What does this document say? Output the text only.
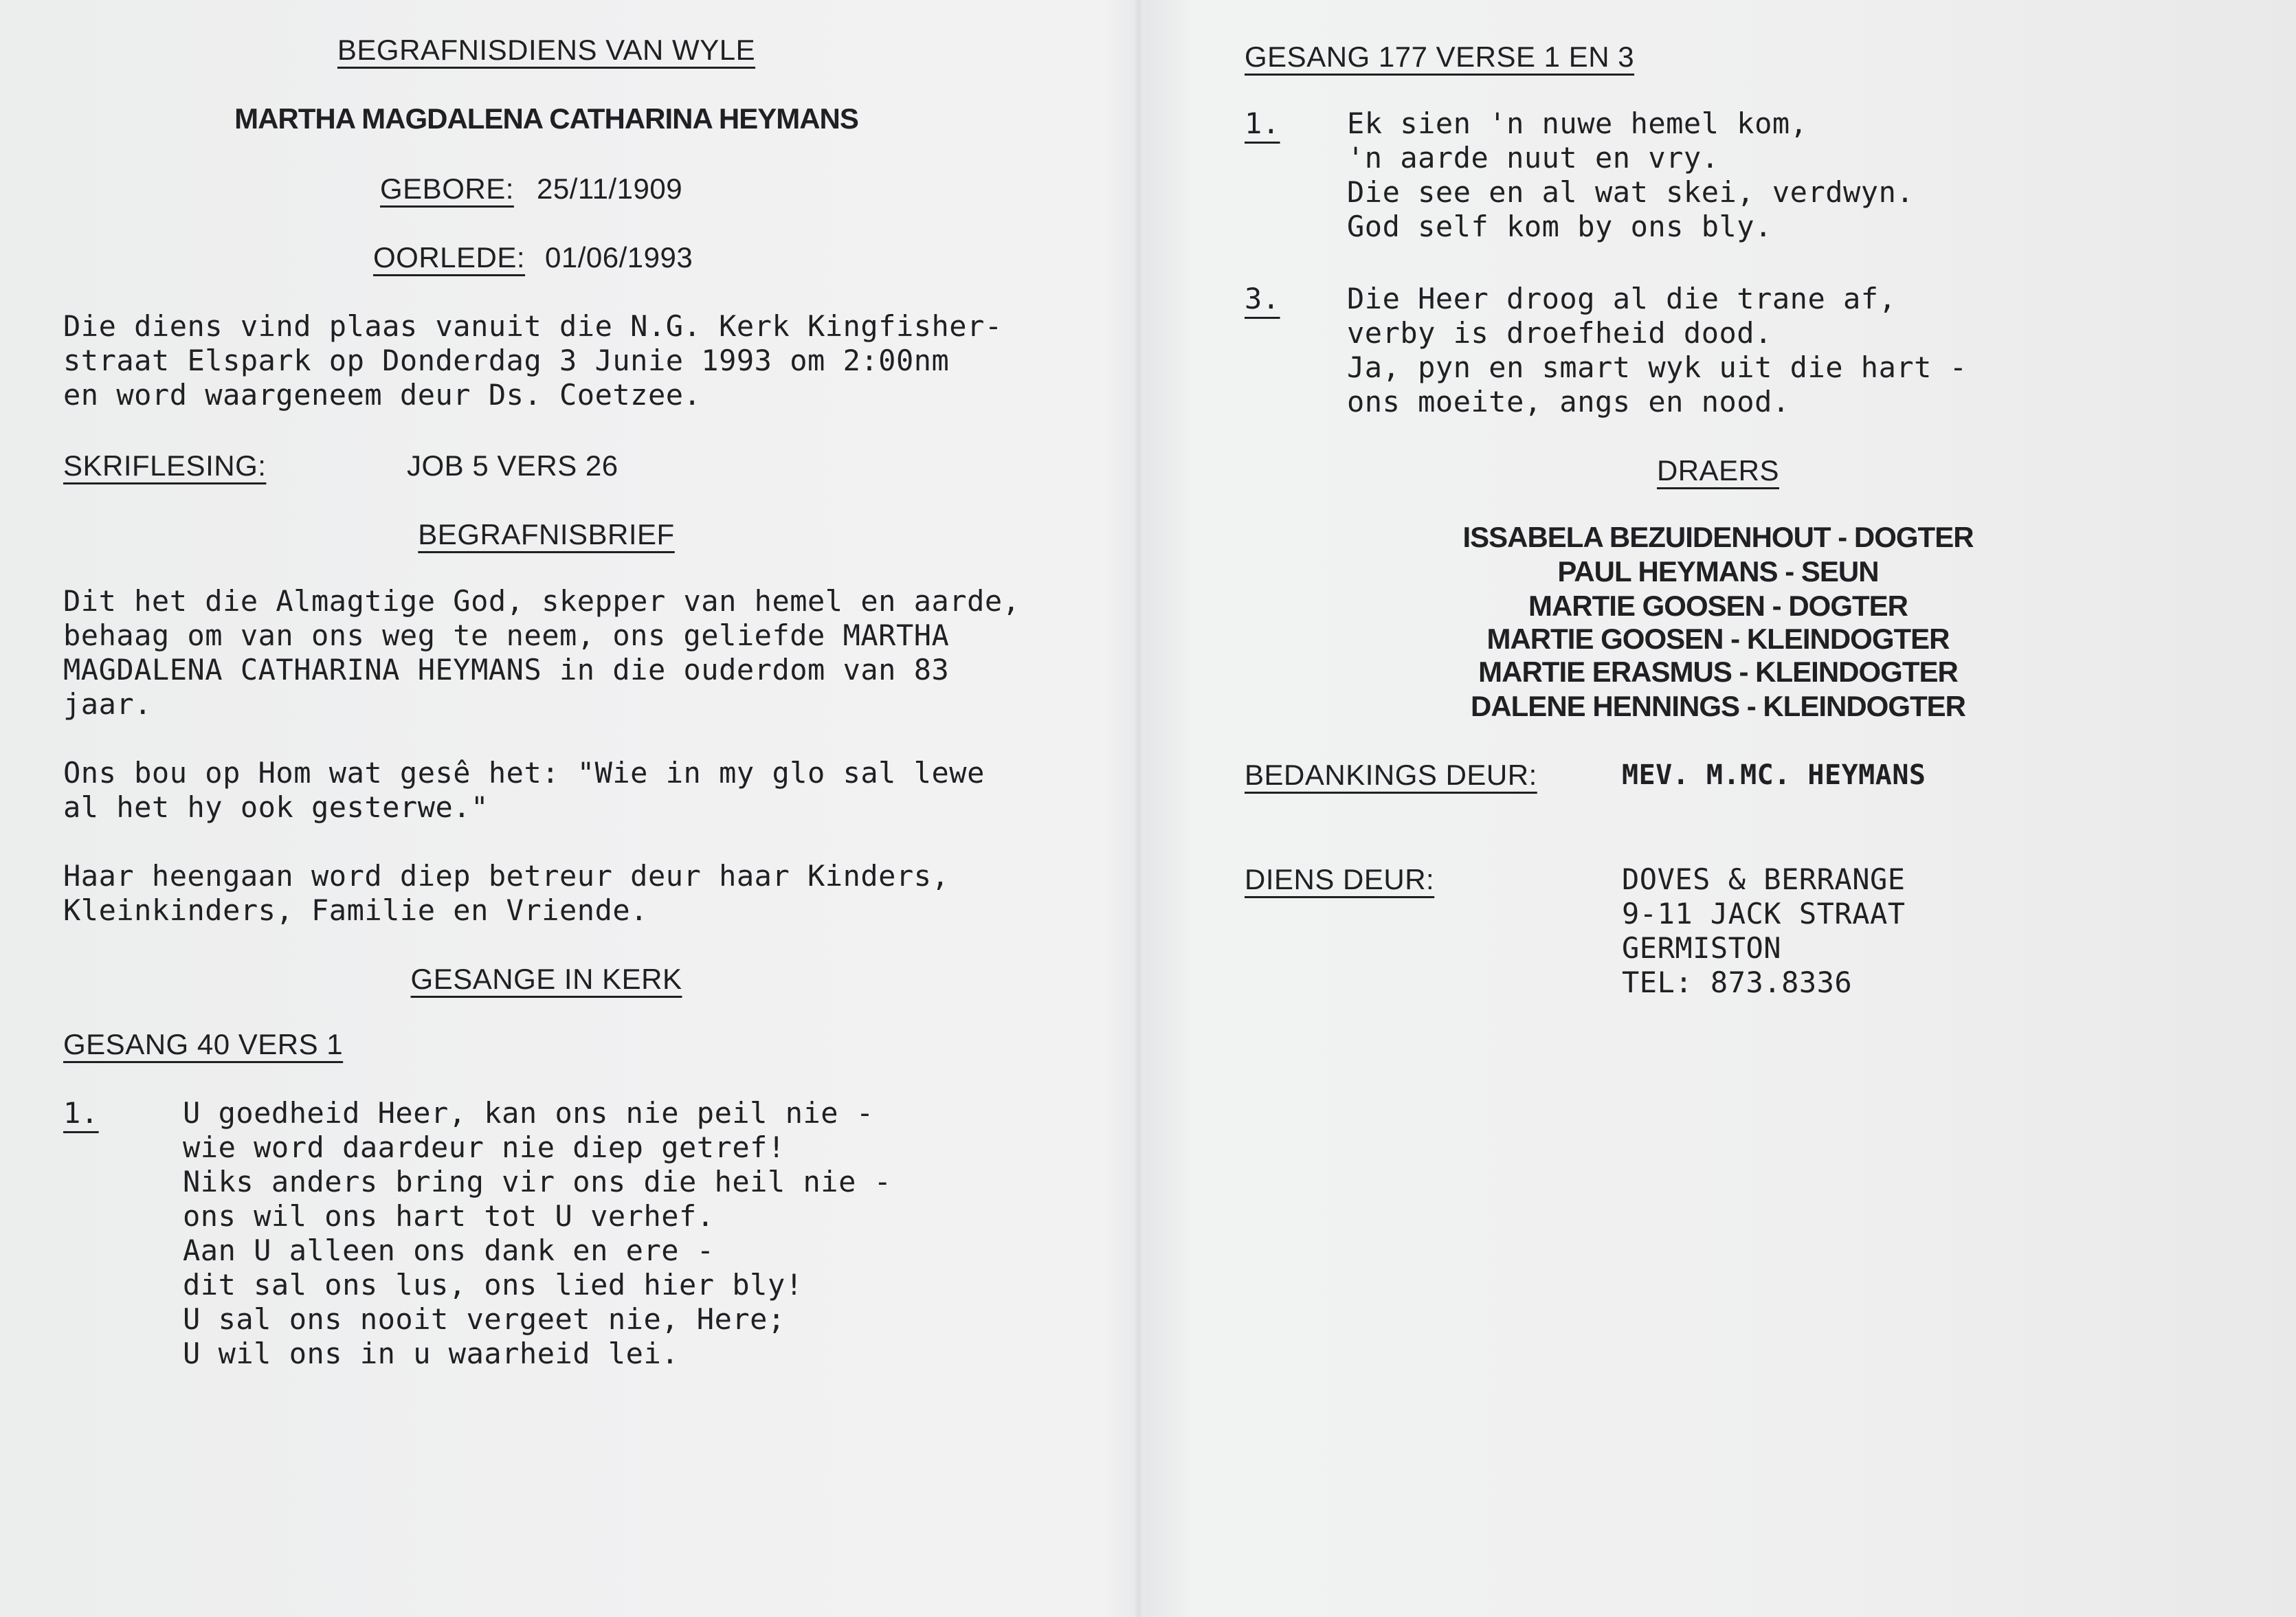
BEGRAFNISDIENS VAN WYLE
MARTHA MAGDALENA CATHARINA HEYMANS
GEBORE: 25/11/1909
OORLEDE: 01/06/1993
Die diens vind plaas vanuit die N.G. Kerk Kingfisher-
straat Elspark op Donderdag 3 Junie 1993 om 2:00nm
en word waargeneem deur Ds. Coetzee.
SKRIFLESING:	JOB 5 VERS 26
BEGRAFNISBRIEF
Dit het die Almagtige God, skepper van hemel en aarde,
behaag om van ons weg te neem, ons geliefde MARTHA
MAGDALENA CATHARINA HEYMANS in die ouderdom van 83
jaar.
Ons bou op Hom wat gesê het: "Wie in my glo sal lewe
al het hy ook gesterwe."
Haar heengaan word diep betreur deur haar Kinders,
Kleinkinders, Familie en Vriende.
GESANGE IN KERK
GESANG 40 VERS 1
1.	U goedheid Heer, kan ons nie peil nie -
wie word daardeur nie diep getref!
Niks anders bring vir ons die heil nie -
ons wil ons hart tot U verhef.
Aan U alleen ons dank en ere -
dit sal ons lus, ons lied hier bly!
U sal ons nooit vergeet nie, Here;
U wil ons in u waarheid lei.
GESANG 177 VERSE 1 EN 3
1. Ek sien 'n nuwe hemel kom,
'n aarde nuut en vry.
Die see en al wat skei, verdwyn.
God self kom by ons bly.
3. Die Heer droog al die trane af,
verby is droefheid dood.
Ja, pyn en smart wyk uit die hart -
ons moeite, angs en nood.
DRAERS
ISSABELA BEZUIDENHOUT - DOGTER
PAUL HEYMANS - SEUN
MARTIE GOOSEN - DOGTER
MARTIE GOOSEN - KLEINDOGTER
MARTIE ERASMUS - KLEINDOGTER
DALENE HENNINGS - KLEINDOGTER
BEDANKINGS DEUR:	MEV. M.MC. HEYMANS
DIENS DEUR:	DOVES & BERRANGE
9-11 JACK STRAAT
GERMISTON
TEL: 873.8336
